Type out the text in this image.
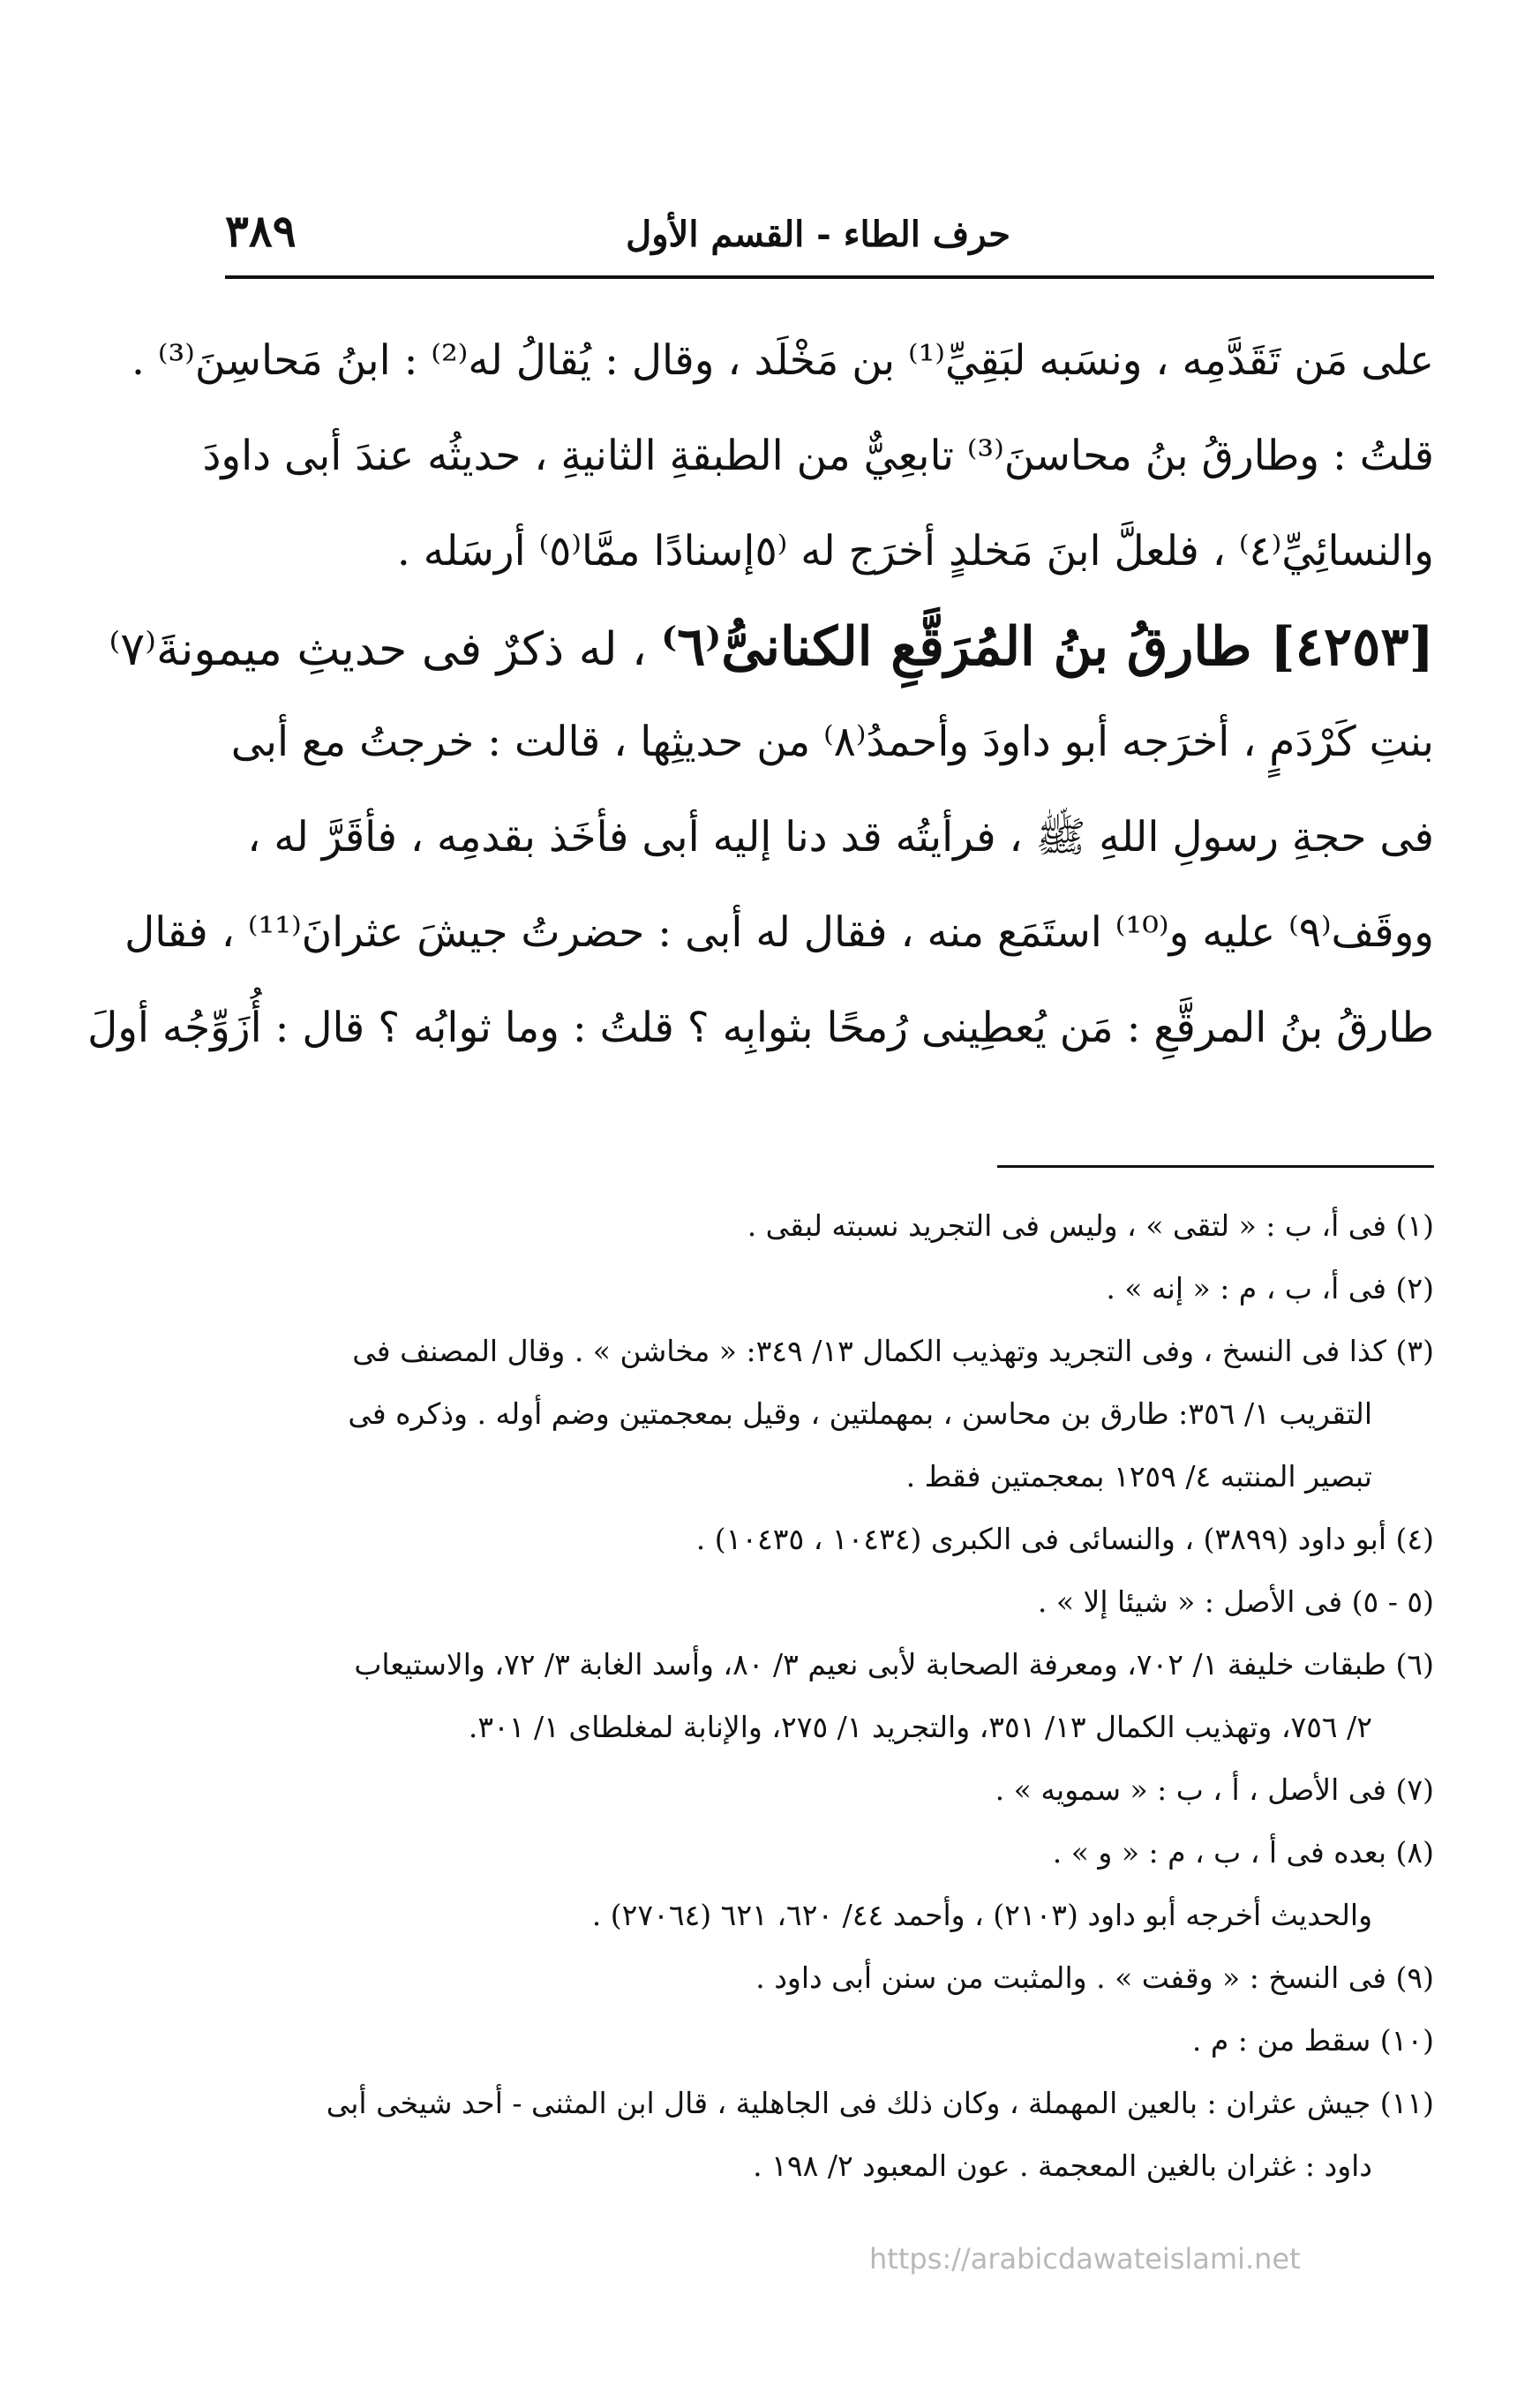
حرف الطاء - القسم الأول
٣٨٩
على مَن تَقَدَّمِه ، ونسَبه لبَقِيِّ⁽¹⁾ بن مَخْلَد ، وقال : يُقالُ له⁽²⁾ : ابنُ مَحاسِنَ⁽³⁾ .
قلتُ : وطارقُ بنُ محاسنَ⁽³⁾ تابعِيٌّ من الطبقةِ الثانيةِ ، حديثُه عندَ أبى داودَ
والنسائِيِّ⁽٤⁾ ، فلعلَّ ابنَ مَخلدٍ أخرَج له ⁽٥إسنادًا ممَّا⁽٥⁾ أرسَله .
[٤٢٥٣] طارقُ بنُ المُرَقَّعِ الكنانىُّ⁽٦⁾ ، له ذكرٌ فى حديثِ ميمونةَ⁽٧⁾
بنتِ كَرْدَمٍ ، أخرَجه أبو داودَ وأحمدُ⁽٨⁾ من حديثِها ، قالت : خرجتُ مع أبى
فى حجةِ رسولِ اللهِ ﷺ ، فرأيتُه قد دنا إليه أبى فأخَذ بقدمِه ، فأقَرَّ له ،
ووقَف⁽٩⁾ عليه و⁽¹⁰⁾ استَمَع منه ، فقال له أبى : حضرتُ جيشَ عثرانَ⁽¹¹⁾ ، فقال
طارقُ بنُ المرقَّعِ : مَن يُعطِينى رُمحًا بثوابِه ؟ قلتُ : وما ثوابُه ؟ قال : أُزَوِّجُه أولَ
(١) فى أ، ب : « لتقى » ، وليس فى التجريد نسبته لبقى .
(٢) فى أ، ب ، م : « إنه » .
(٣) كذا فى النسخ ، وفى التجريد وتهذيب الكمال ١٣/ ٣٤٩: « مخاشن » . وقال المصنف فى
التقريب ١/ ٣٥٦: طارق بن محاسن ، بمهملتين ، وقيل بمعجمتين وضم أوله . وذكره فى
تبصير المنتبه ٤/ ١٢٥٩ بمعجمتين فقط .
(٤) أبو داود (٣٨٩٩) ، والنسائى فى الكبرى (١٠٤٣٤ ، ١٠٤٣٥) .
(٥ - ٥) فى الأصل : « شيئا إلا » .
(٦) طبقات خليفة ١/ ٧٠٢، ومعرفة الصحابة لأبى نعيم ٣/ ٨٠، وأسد الغابة ٣/ ٧٢، والاستيعاب
٢/ ٧٥٦، وتهذيب الكمال ١٣/ ٣٥١، والتجريد ١/ ٢٧٥، والإنابة لمغلطاى ١/ ٣٠١.
(٧) فى الأصل ، أ ، ب : « سمويه » .
(٨) بعده فى أ ، ب ، م : « و » .
والحديث أخرجه أبو داود (٢١٠٣) ، وأحمد ٤٤/ ٦٢٠، ٦٢١ (٢٧٠٦٤) .
(٩) فى النسخ : « وقفت » . والمثبت من سنن أبى داود .
(١٠) سقط من : م .
(١١) جيش عثران : بالعين المهملة ، وكان ذلك فى الجاهلية ، قال ابن المثنى - أحد شيخى أبى
داود : غثران بالغين المعجمة . عون المعبود ٢/ ١٩٨ .
https://arabicdawateislami.net
